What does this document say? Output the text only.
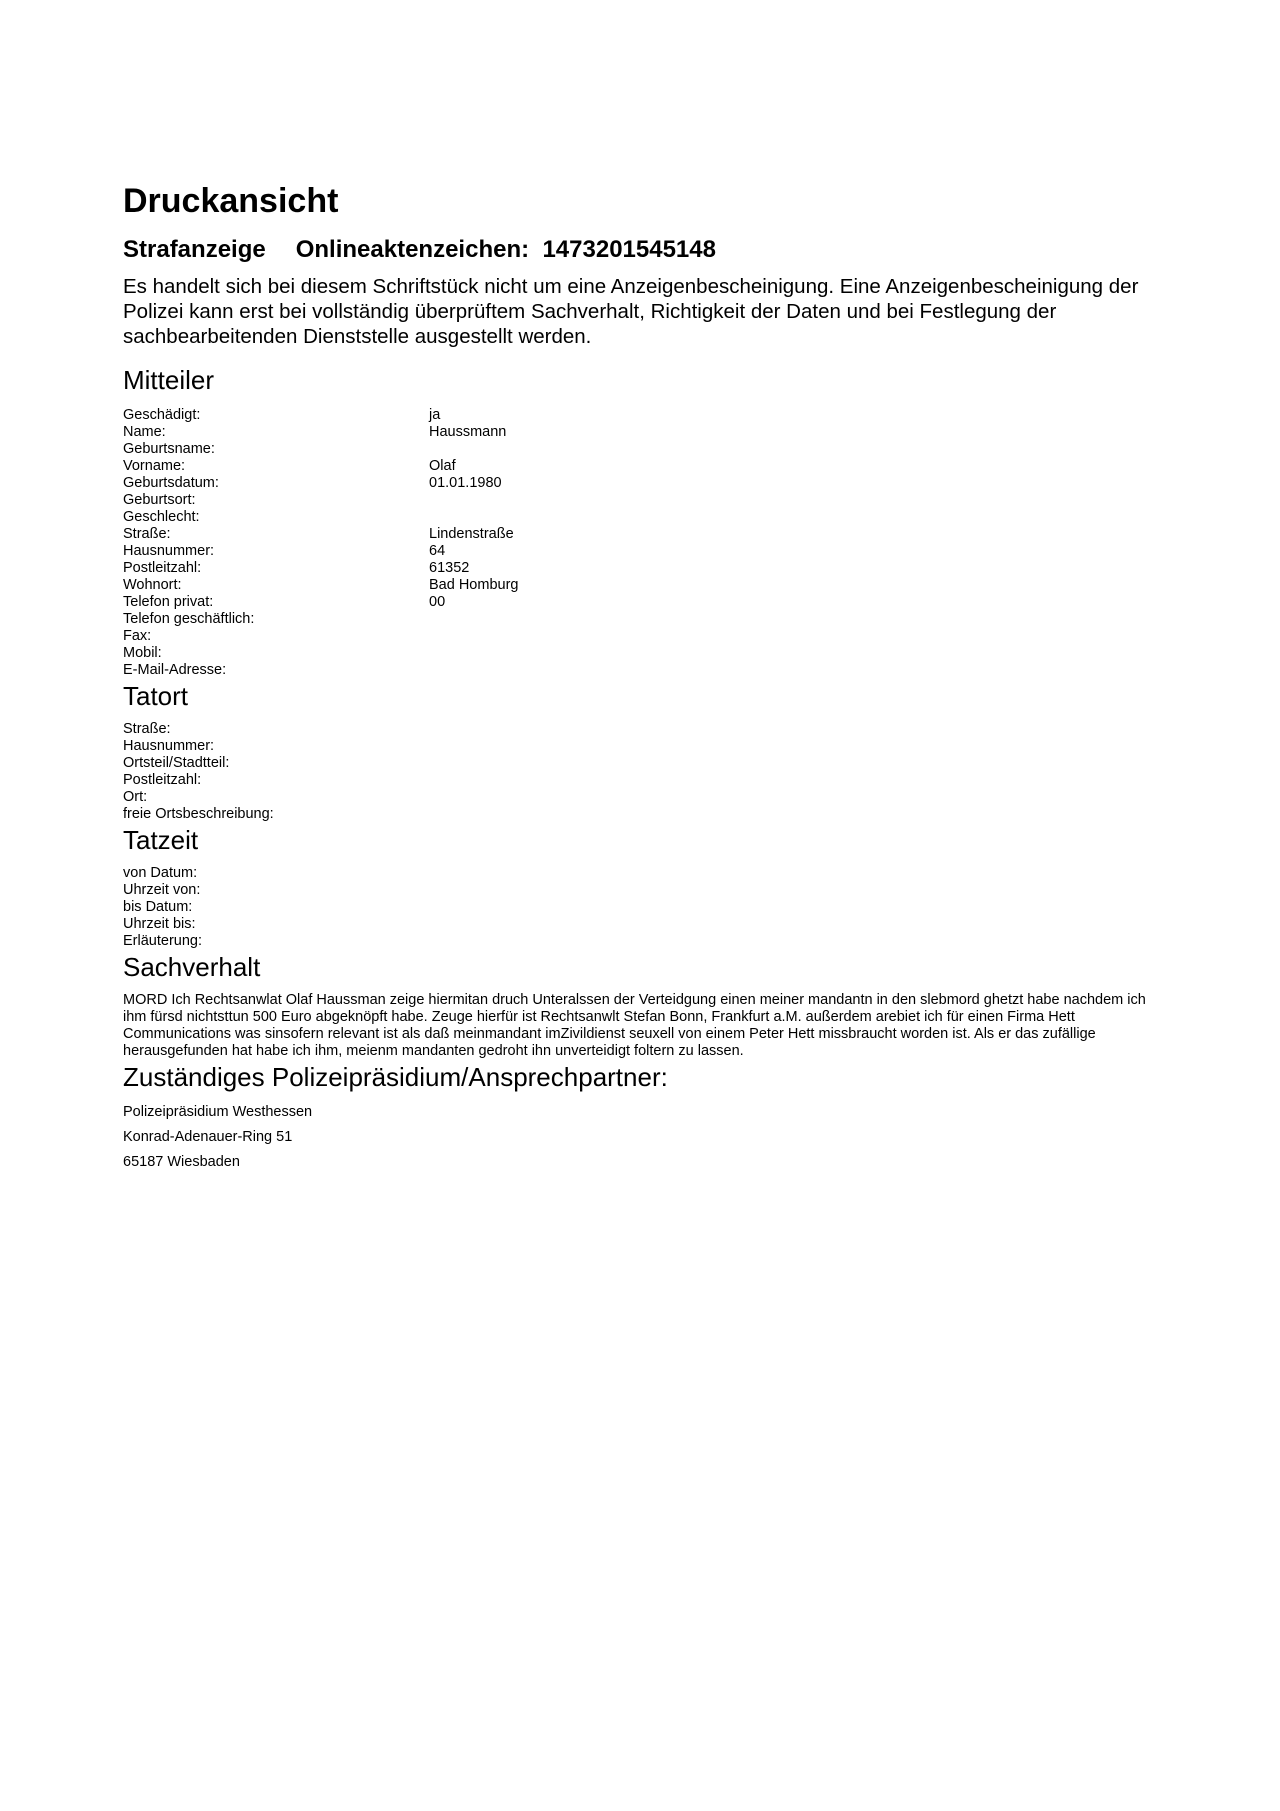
Druckansicht
Strafanzeige Onlineaktenzeichen: 1473201545148

Es handelt sich bei diesem Schriftstück nicht um eine Anzeigenbescheinigung. Eine Anzeigenbescheinigung der Polizei kann erst bei vollständig überprüftem Sachverhalt, Richtigkeit der Daten und bei Festlegung der sachbearbeitenden Dienststelle ausgestellt werden.

Mitteiler
Geschädigt:	ja
Name:	Haussmann
Geburtsname:
Vorname:	Olaf
Geburtsdatum:	01.01.1980
Geburtsort:
Geschlecht:
Straße:	Lindenstraße
Hausnummer:	64
Postleitzahl:	61352
Wohnort:	Bad Homburg
Telefon privat:	00
Telefon geschäftlich:
Fax:
Mobil:
E-Mail-Adresse:
Tatort
Straße:
Hausnummer:
Ortsteil/Stadtteil:
Postleitzahl:
Ort:
freie Ortsbeschreibung:
Tatzeit
von Datum:
Uhrzeit von:
bis Datum:
Uhrzeit bis:
Erläuterung:
Sachverhalt

MORD Ich Rechtsanwlat Olaf Haussman zeige hiermitan druch Unteralssen der Verteidgung einen meiner mandantn in den slebmord ghetzt habe nachdem ich ihm fürsd nichtsttun 500 Euro abgeknöpft habe. Zeuge hierfür ist Rechtsanwlt Stefan Bonn, Frankfurt a.M. außerdem arebiet ich für einen Firma Hett Communications was sinsofern relevant ist als daß meinmandant imZivildienst seuxell von einem Peter Hett missbraucht worden ist. Als er das zufällige herausgefunden hat habe ich ihm, meienm mandanten gedroht ihn unverteidigt foltern zu lassen.

Zuständiges Polizeipräsidium/Ansprechpartner:

Polizeipräsidium Westhessen

Konrad-Adenauer-Ring 51

65187 Wiesbaden
